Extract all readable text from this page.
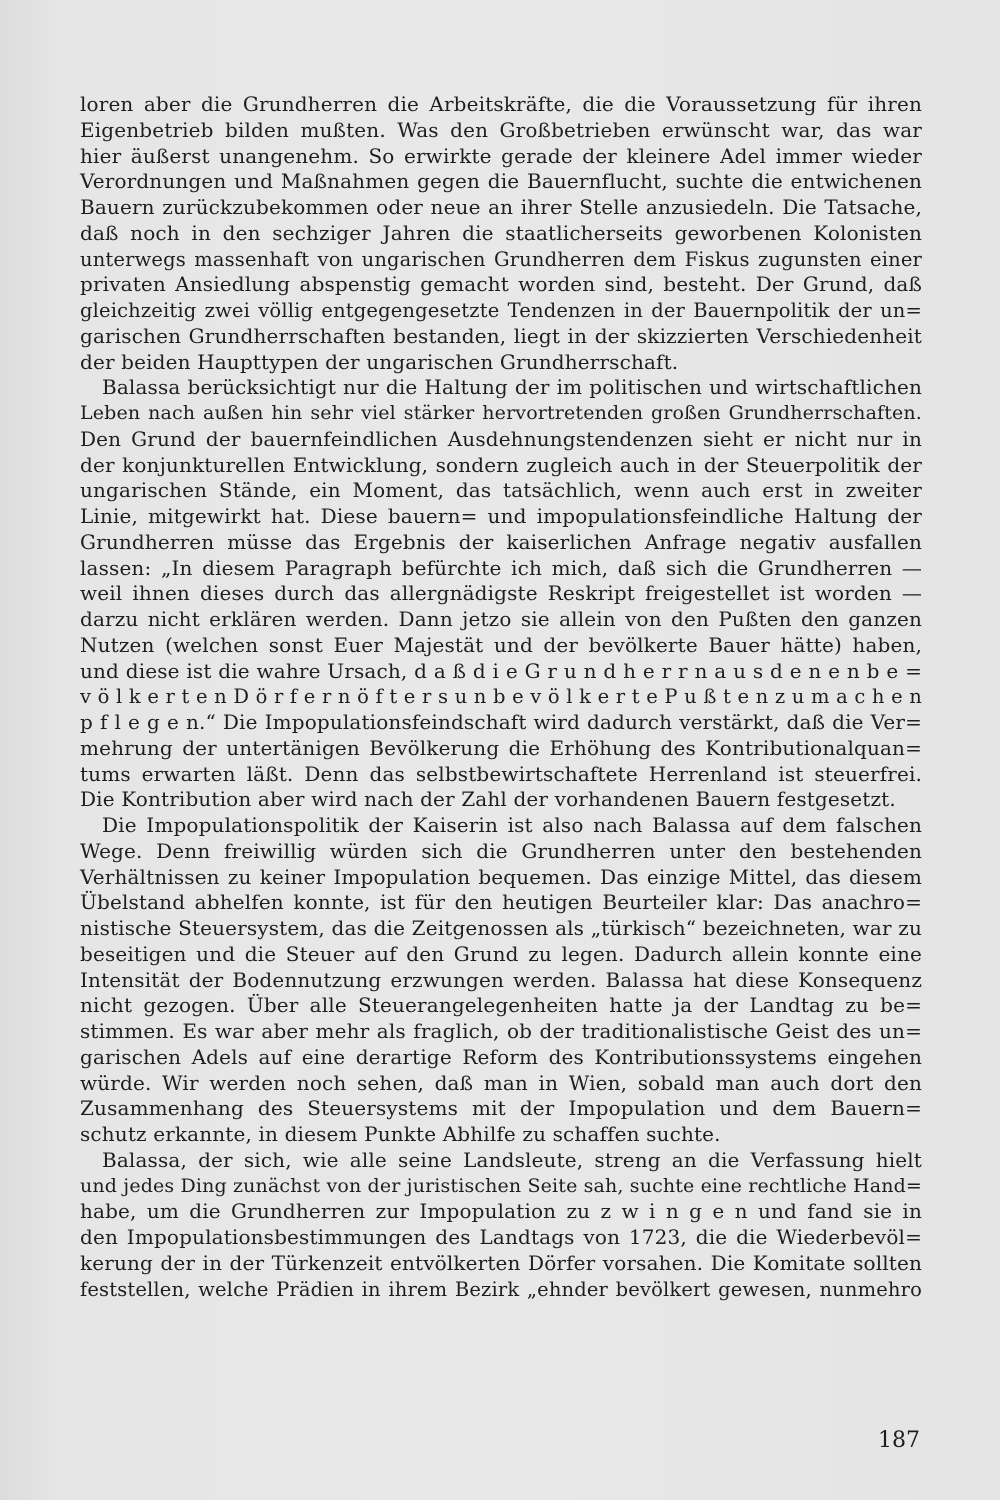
loren aber die Grundherren die Arbeitskräfte, die die Voraussetzung für ihren
Eigenbetrieb bilden mußten. Was den Großbetrieben erwünscht war, das war
hier äußerst unangenehm. So erwirkte gerade der kleinere Adel immer wieder
Verordnungen und Maßnahmen gegen die Bauernflucht, suchte die entwichenen
Bauern zurückzubekommen oder neue an ihrer Stelle anzusiedeln. Die Tatsache,
daß noch in den sechziger Jahren die staatlicherseits geworbenen Kolonisten
unterwegs massenhaft von ungarischen Grundherren dem Fiskus zugunsten einer
privaten Ansiedlung abspenstig gemacht worden sind, besteht. Der Grund, daß
gleichzeitig zwei völlig entgegengesetzte Tendenzen in der Bauernpolitik der un=
garischen Grundherrschaften bestanden, liegt in der skizzierten Verschiedenheit
der beiden Haupttypen der ungarischen Grundherrschaft.
Balassa berücksichtigt nur die Haltung der im politischen und wirtschaftlichen
Leben nach außen hin sehr viel stärker hervortretenden großen Grundherrschaften.
Den Grund der bauernfeindlichen Ausdehnungstendenzen sieht er nicht nur in
der konjunkturellen Entwicklung, sondern zugleich auch in der Steuerpolitik der
ungarischen Stände, ein Moment, das tatsächlich, wenn auch erst in zweiter
Linie, mitgewirkt hat. Diese bauern= und impopulationsfeindliche Haltung der
Grundherren müsse das Ergebnis der kaiserlichen Anfrage negativ ausfallen
lassen: „In diesem Paragraph befürchte ich mich, daß sich die Grundherren —
weil ihnen dieses durch das allergnädigste Reskript freigestellet ist worden —
darzu nicht erklären werden. Dann jetzo sie allein von den Pußten den ganzen
Nutzen (welchen sonst Euer Majestät und der bevölkerte Bauer hätte) haben,
und diese ist die wahre Ursach, d a ß d i e G r u n d h e r r n a u s d e n e n b e =
v ö l k e r t e n D ö r f e r n ö f t e r s u n b e v ö l k e r t e P u ß t e n z u m a c h e n
p f l e g e n.“ Die Impopulationsfeindschaft wird dadurch verstärkt, daß die Ver=
mehrung der untertänigen Bevölkerung die Erhöhung des Kontributionalquan=
tums erwarten läßt. Denn das selbstbewirtschaftete Herrenland ist steuerfrei.
Die Kontribution aber wird nach der Zahl der vorhandenen Bauern festgesetzt.
Die Impopulationspolitik der Kaiserin ist also nach Balassa auf dem falschen
Wege. Denn freiwillig würden sich die Grundherren unter den bestehenden
Verhältnissen zu keiner Impopulation bequemen. Das einzige Mittel, das diesem
Übelstand abhelfen konnte, ist für den heutigen Beurteiler klar: Das anachro=
nistische Steuersystem, das die Zeitgenossen als „türkisch“ bezeichneten, war zu
beseitigen und die Steuer auf den Grund zu legen. Dadurch allein konnte eine
Intensität der Bodennutzung erzwungen werden. Balassa hat diese Konsequenz
nicht gezogen. Über alle Steuerangelegenheiten hatte ja der Landtag zu be=
stimmen. Es war aber mehr als fraglich, ob der traditionalistische Geist des un=
garischen Adels auf eine derartige Reform des Kontributionssystems eingehen
würde. Wir werden noch sehen, daß man in Wien, sobald man auch dort den
Zusammenhang des Steuersystems mit der Impopulation und dem Bauern=
schutz erkannte, in diesem Punkte Abhilfe zu schaffen suchte.
Balassa, der sich, wie alle seine Landsleute, streng an die Verfassung hielt
und jedes Ding zunächst von der juristischen Seite sah, suchte eine rechtliche Hand=
habe, um die Grundherren zur Impopulation zu z w i n g e n und fand sie in
den Impopulationsbestimmungen des Landtags von 1723, die die Wiederbevöl=
kerung der in der Türkenzeit entvölkerten Dörfer vorsahen. Die Komitate sollten
feststellen, welche Prädien in ihrem Bezirk „ehnder bevölkert gewesen, nunmehro
187
